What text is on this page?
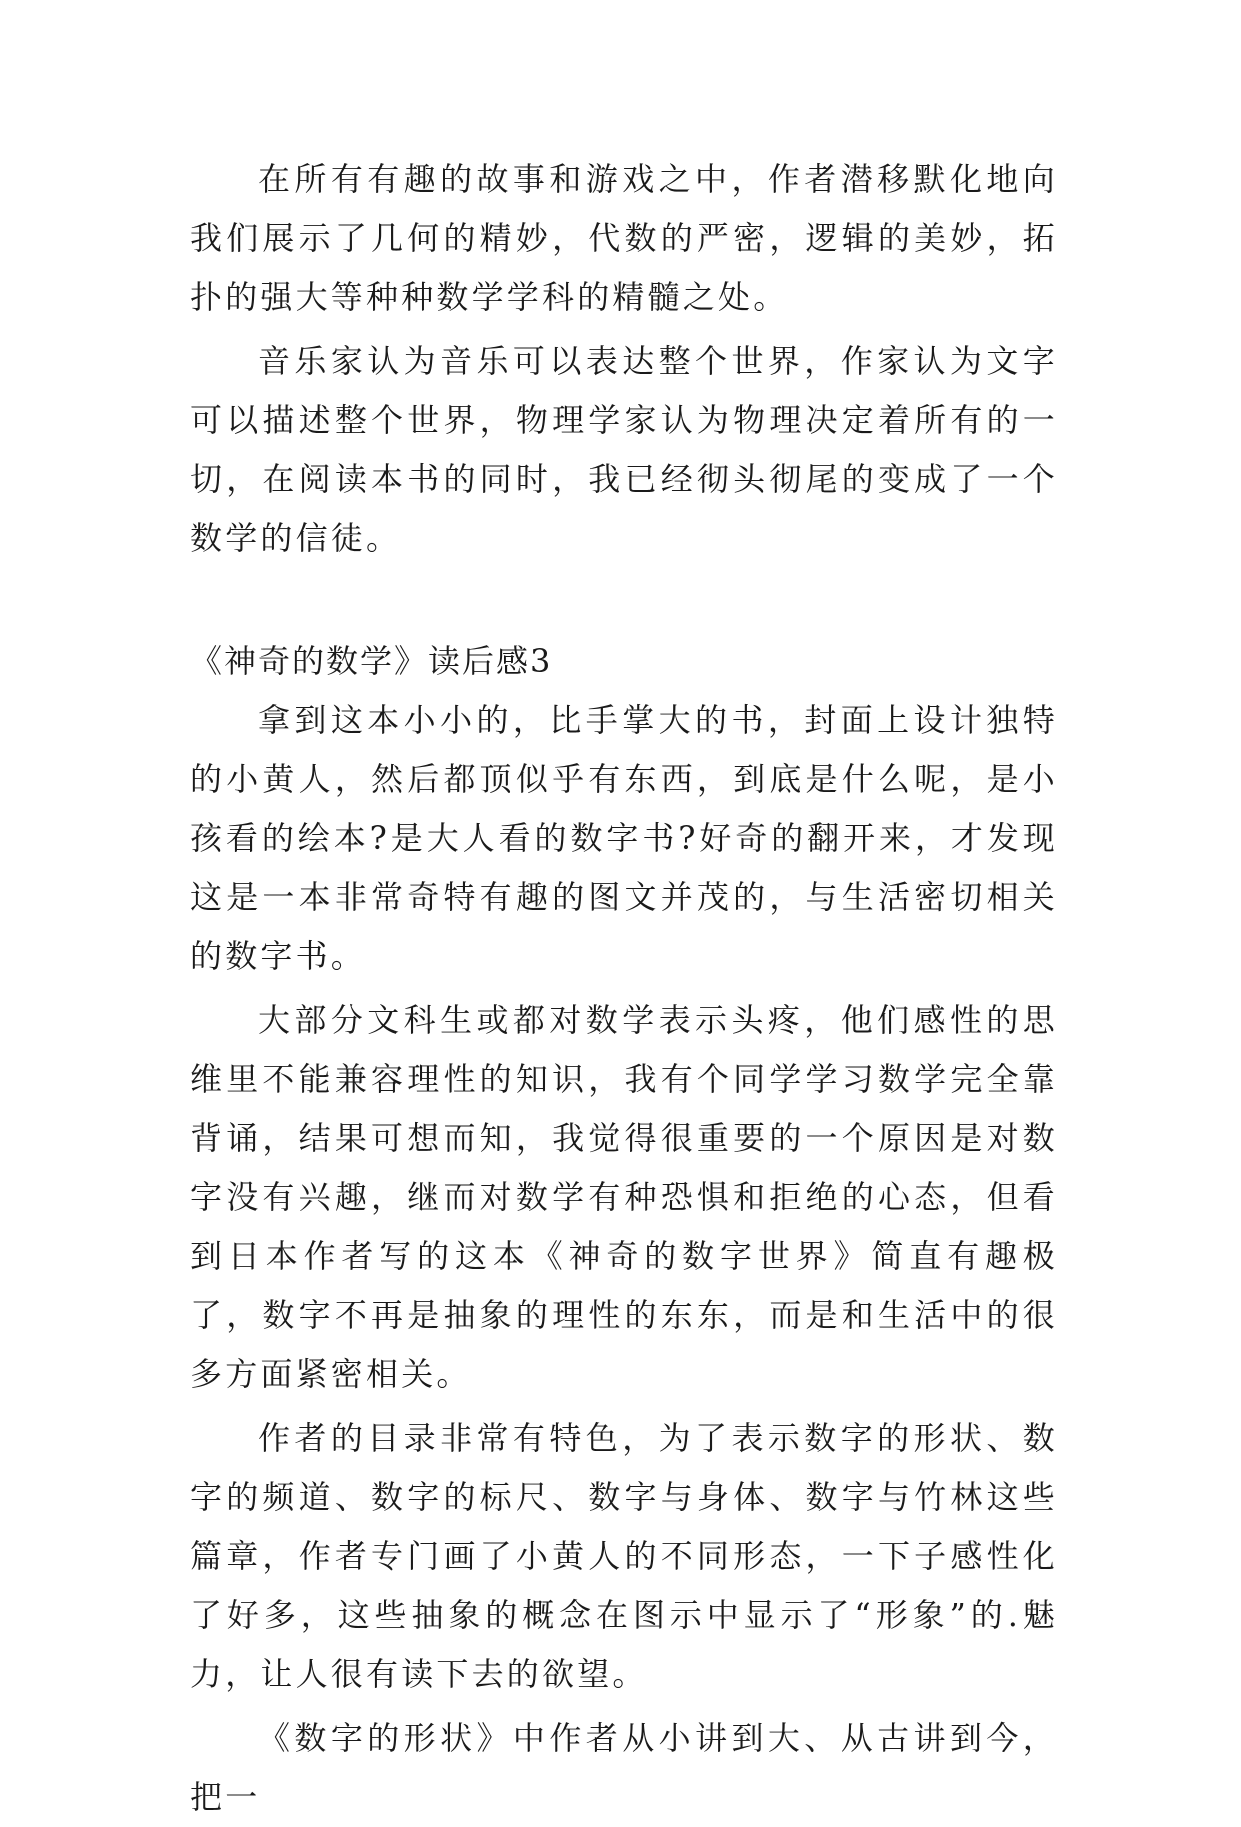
在所有有趣的故事和游戏之中，作者潜移默化地向我们展示了几何的精妙，代数的严密，逻辑的美妙，拓扑的强大等种种数学学科的精髓之处。

音乐家认为音乐可以表达整个世界，作家认为文字可以描述整个世界，物理学家认为物理决定着所有的一切，在阅读本书的同时，我已经彻头彻尾的变成了一个数学的信徒。

《神奇的数学》读后感3

拿到这本小小的，比手掌大的书，封面上设计独特的小黄人，然后都顶似乎有东西，到底是什么呢，是小孩看的绘本?是大人看的数字书?好奇的翻开来，才发现这是一本非常奇特有趣的图文并茂的，与生活密切相关的数字书。

大部分文科生或都对数学表示头疼，他们感性的思维里不能兼容理性的知识，我有个同学学习数学完全靠背诵，结果可想而知，我觉得很重要的一个原因是对数字没有兴趣，继而对数学有种恐惧和拒绝的心态，但看到日本作者写的这本《神奇的数字世界》简直有趣极了，数字不再是抽象的理性的东东，而是和生活中的很多方面紧密相关。

作者的目录非常有特色，为了表示数字的形状、数字的频道、数字的标尺、数字与身体、数字与竹林这些篇章，作者专门画了小黄人的不同形态，一下子感性化了好多，这些抽象的概念在图示中显示了“形象”的.魅力，让人很有读下去的欲望。

《数字的形状》中作者从小讲到大、从古讲到今，把一
